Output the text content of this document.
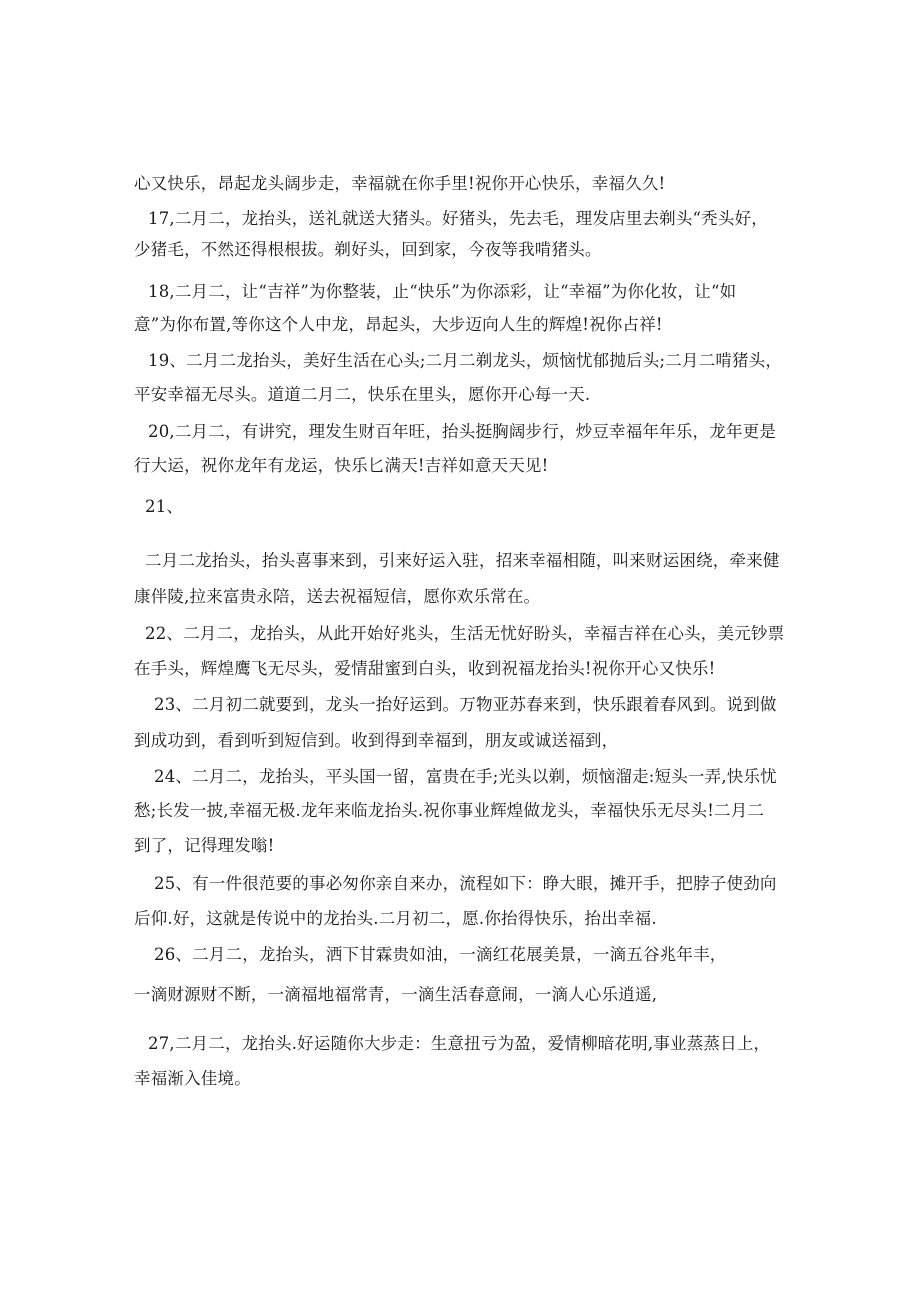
心又快乐，昂起龙头阔步走，幸福就在你手里!祝你开心快乐，幸福久久!
17,二月二，龙抬头，送礼就送大猪头。好猪头，先去毛，理发店里去剃头“秃头好，
少猪毛，不然还得根根拔。剃好头，回到家，今夜等我啃猪头。
18,二月二，让“吉祥”为你整装，止“快乐”为你添彩，让“幸福”为你化妆，让“如
意”为你布置,等你这个人中龙，昂起头，大步迈向人生的辉煌!祝你占祥!
19、二月二龙抬头，美好生活在心头;二月二剃龙头，烦恼忧郁抛后头;二月二啃猪头，
平安幸福无尽头。道道二月二，快乐在里头，愿你开心每一天.
20,二月二，有讲究，理发生财百年旺，抬头挺胸阔步行，炒豆幸福年年乐，龙年更是
行大运，祝你龙年有龙运，快乐匕满天!吉祥如意天天见!
21、
二月二龙抬头，抬头喜事来到，引来好运入驻，招来幸福相随，叫来财运困绕，牵来健
康伴陵,拉来富贵永陪，送去祝福短信，愿你欢乐常在。
22、二月二，龙抬头，从此开始好兆头，生活无忧好盼头，幸福吉祥在心头，美元钞票
在手头，辉煌鹰飞无尽头，爱情甜蜜到白头，收到祝福龙抬头!祝你开心又快乐!
23、二月初二就要到，龙头一抬好运到。万物亚苏春来到，快乐跟着春风到。说到做
到成功到，看到听到短信到。收到得到幸福到，朋友或诚送福到，
24、二月二，龙抬头，平头国一留，富贵在手;光头以剃，烦恼溜走:短头一弄,快乐忧
愁;长发一披,幸福无极.龙年来临龙抬头.祝你事业辉煌做龙头，幸福快乐无尽头!二月二
到了，记得理发嗡!
25、有一件很范要的事必匆你亲自来办，流程如下：睁大眼，摊开手，把脖子使劲向
后仰.好，这就是传说中的龙抬头.二月初二，愿.你抬得快乐，抬出幸福.
26、二月二，龙抬头，洒下甘霖贵如油，一滴红花展美景，一滴五谷兆年丰，
一滴财源财不断，一滴福地福常青，一滴生活春意闹，一滴人心乐逍遥,
27,二月二，龙抬头.好运随你大步走：生意扭亏为盈，爱情柳暗花明,事业蒸蒸日上，
幸福渐入佳境。
